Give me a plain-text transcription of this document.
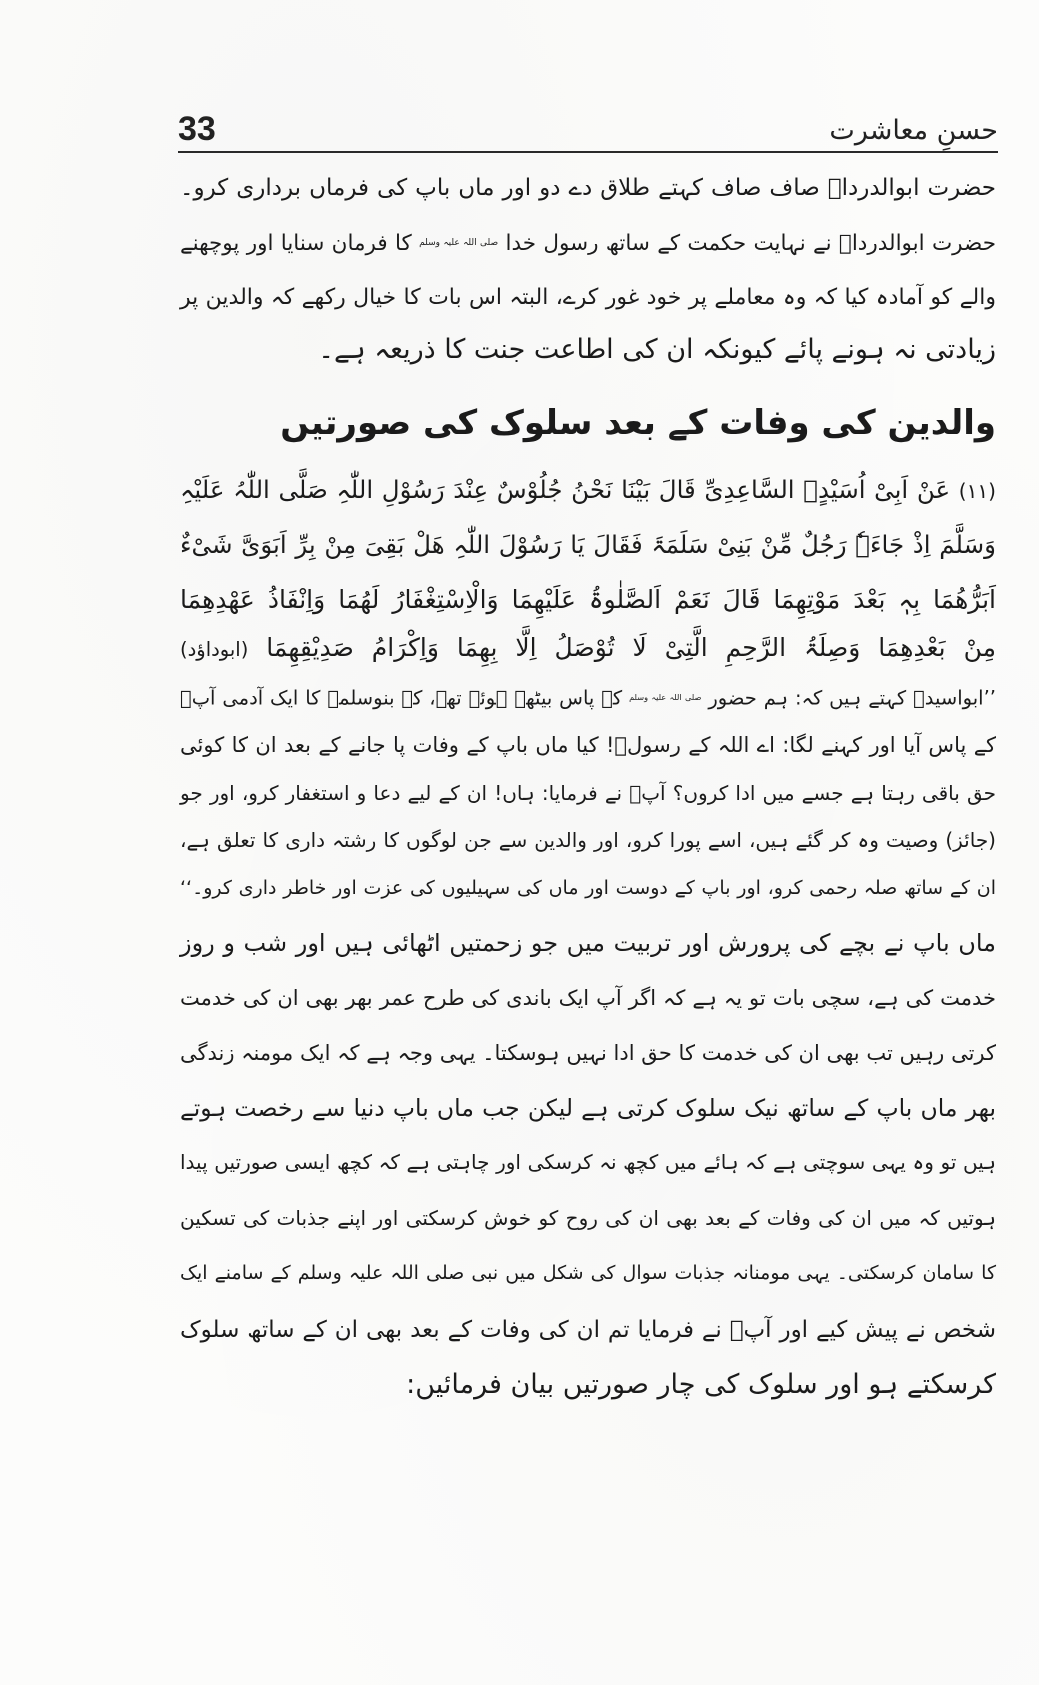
33	حسنِ معاشرت
حضرت ابوالدرداؓ صاف صاف کہتے طلاق دے دو اور ماں باپ کی فرماں برداری کرو۔
حضرت ابوالدرداؓ نے نہایت حکمت کے ساتھ رسول خدا $^{صلی اللہ علیہ وسلم}$ کا فرمان سنایا اور پوچھنے
والے کو آمادہ کیا کہ وہ معاملے پر خود غور کرے، البتہ اس بات کا خیال رکھے کہ والدین پر
زیادتی نہ ہونے پائے کیونکہ ان کی اطاعت جنت کا ذریعہ ہے۔
والدین کی وفات کے بعد سلوک کی صورتیں
(۱۱) عَنْ اَبِیْ اُسَیْدٍؓ السَّاعِدِیِّ قَالَ بَیْنَا نَحْنُ جُلُوْسٌ عِنْدَ رَسُوْلِ اللّٰہِ صَلَّی اللّٰہُ عَلَیْہِ
وَسَلَّمَ اِذْ جَاءَہٗ رَجُلٌ مِّنْ بَنِیْ سَلَمَۃَ فَقَالَ یَا رَسُوْلَ اللّٰہِ ھَلْ بَقِیَ مِنْ بِرِّ اَبَوَیَّ شَیْءٌ
اَبَرُّھُمَا بِہٖ بَعْدَ مَوْتِھِمَا قَالَ نَعَمْ اَلصَّلٰوۃُ عَلَیْھِمَا وَالْاِسْتِغْفَارُ لَھُمَا وَاِنْفَاذُ عَھْدِھِمَا
مِنْ بَعْدِھِمَا وَصِلَۃُ الرَّحِمِ الَّتِیْ لَا تُوْصَلُ اِلَّا بِھِمَا وَاِکْرَامُ صَدِیْقِھِمَا (ابوداؤد)
’’ابواسیدؓ کہتے ہیں کہ: ہم حضور $^{صلی اللہ علیہ وسلم}$ کے پاس بیٹھے ہوئے تھے، کہ بنوسلمہ کا ایک آدمی آپؐ
کے پاس آیا اور کہنے لگا: اے اللہ کے رسولؐ! کیا ماں باپ کے وفات پا جانے کے بعد ان کا کوئی
حق باقی رہتا ہے جسے میں ادا کروں؟ آپؐ نے فرمایا: ہاں! ان کے لیے دعا و استغفار کرو، اور جو
(جائز) وصیت وہ کر گئے ہیں، اسے پورا کرو، اور والدین سے جن لوگوں کا رشتہ داری کا تعلق ہے،
ان کے ساتھ صلہ رحمی کرو، اور باپ کے دوست اور ماں کی سہیلیوں کی عزت اور خاطر داری کرو۔‘‘
ماں باپ نے بچے کی پرورش اور تربیت میں جو زحمتیں اٹھائی ہیں اور شب و روز
خدمت کی ہے، سچی بات تو یہ ہے کہ اگر آپ ایک باندی کی طرح عمر بھر بھی ان کی خدمت
کرتی رہیں تب بھی ان کی خدمت کا حق ادا نہیں ہوسکتا۔ یہی وجہ ہے کہ ایک مومنہ زندگی
بھر ماں باپ کے ساتھ نیک سلوک کرتی ہے لیکن جب ماں باپ دنیا سے رخصت ہوتے
ہیں تو وہ یہی سوچتی ہے کہ ہائے میں کچھ نہ کرسکی اور چاہتی ہے کہ کچھ ایسی صورتیں پیدا
ہوتیں کہ میں ان کی وفات کے بعد بھی ان کی روح کو خوش کرسکتی اور اپنے جذبات کی تسکین
کا سامان کرسکتی۔ یہی مومنانہ جذبات سوال کی شکل میں نبی صلی اللہ علیہ وسلم کے سامنے ایک
شخص نے پیش کیے اور آپؐ نے فرمایا تم ان کی وفات کے بعد بھی ان کے ساتھ سلوک
کرسکتے ہو اور سلوک کی چار صورتیں بیان فرمائیں:
